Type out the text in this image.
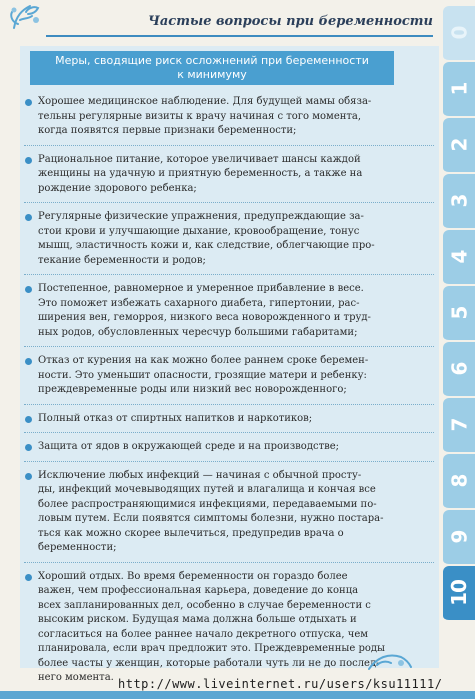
Частые вопросы при беременности
0
1
2
3
4
5
6
7
8
9
10
Меры, сводящие риск осложнений при беременности
к минимуму
Хорошее медицинское наблюдение. Для будущей мамы обяза-
тельны регулярные визиты к врачу начиная с того момента,
когда появятся первые признаки беременности;
Рациональное питание, которое увеличивает шансы каждой
женщины на удачную и приятную беременность, а также на
рождение здорового ребенка;
Регулярные физические упражнения, предупреждающие за-
стои крови и улучшающие дыхание, кровообращение, тонус
мышц, эластичность кожи и, как следствие, облегчающие про-
текание беременности и родов;
Постепенное, равномерное и умеренное прибавление в весе.
Это поможет избежать сахарного диабета, гипертонии, рас-
ширения вен, геморроя, низкого веса новорожденного и труд-
ных родов, обусловленных чересчур большими габаритами;
Отказ от курения на как можно более раннем сроке беремен-
ности. Это уменьшит опасности, грозящие матери и ребенку:
преждевременные роды или низкий вес новорожденного;
Полный отказ от спиртных напитков и наркотиков;
Защита от ядов в окружающей среде и на производстве;
Исключение любых инфекций — начиная с обычной просту-
ды, инфекций мочевыводящих путей и влагалища и кончая все
более распространяющимися инфекциями, передаваемыми по-
ловым путем. Если появятся симптомы болезни, нужно постара-
ться как можно скорее вылечиться, предупредив врача о
беременности;
Хороший отдых. Во время беременности он гораздо более
важен, чем профессиональная карьера, доведение до конца
всех запланированных дел, особенно в случае беременности с
высоким риском. Будущая мама должна больше отдыхать и
согласиться на более раннее начало декретного отпуска, чем
планировала, если врач предложит это. Преждевременные роды
более часты у женщин, которые работали чуть ли не до послед-
него момента. http://www.liveinternet.ru/users/ksu11111/
